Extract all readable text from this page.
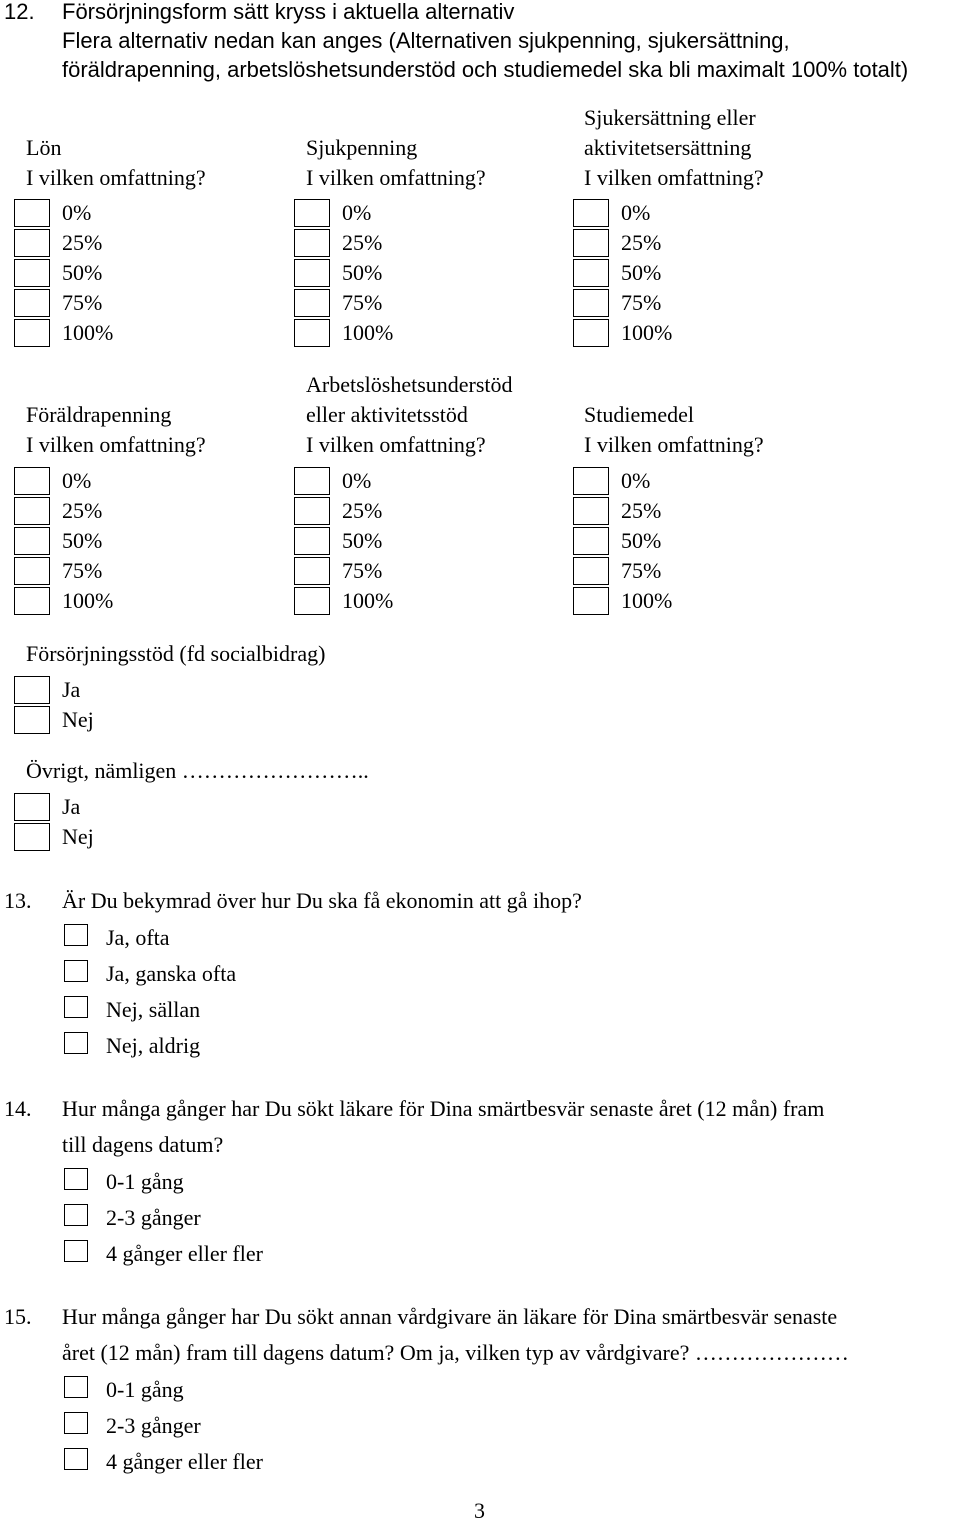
12. Försörjningsform sätt kryss i aktuella alternativ
Flera alternativ nedan kan anges (Alternativen sjukpenning, sjukersättning,
föräldrapenning, arbetslöshetsunderstöd och studiemedel ska bli maximalt 100% totalt)
Lön
I vilken omfattning?
0%
25%
50%
75%
100%
Sjukpenning
I vilken omfattning?
0%
25%
50%
75%
100%
Sjukersättning eller
aktivitetsersättning
I vilken omfattning?
0%
25%
50%
75%
100%
Föräldrapenning
I vilken omfattning?
0%
25%
50%
75%
100%
Arbetslöshetsunderstöd
eller aktivitetsstöd
I vilken omfattning?
0%
25%
50%
75%
100%
Studiemedel
I vilken omfattning?
0%
25%
50%
75%
100%
Försörjningsstöd (fd socialbidrag)
Ja
Nej
Övrigt, nämligen ……………………..
Ja
Nej
13. Är Du bekymrad över hur Du ska få ekonomin att gå ihop?
Ja, ofta
Ja, ganska ofta
Nej, sällan
Nej, aldrig
14. Hur många gånger har Du sökt läkare för Dina smärtbesvär senaste året (12 mån) fram
till dagens datum?
0-1 gång
2-3 gånger
4 gånger eller fler
15. Hur många gånger har Du sökt annan vårdgivare än läkare för Dina smärtbesvär senaste
året (12 mån) fram till dagens datum? Om ja, vilken typ av vårdgivare? …………………
0-1 gång
2-3 gånger
4 gånger eller fler
3
